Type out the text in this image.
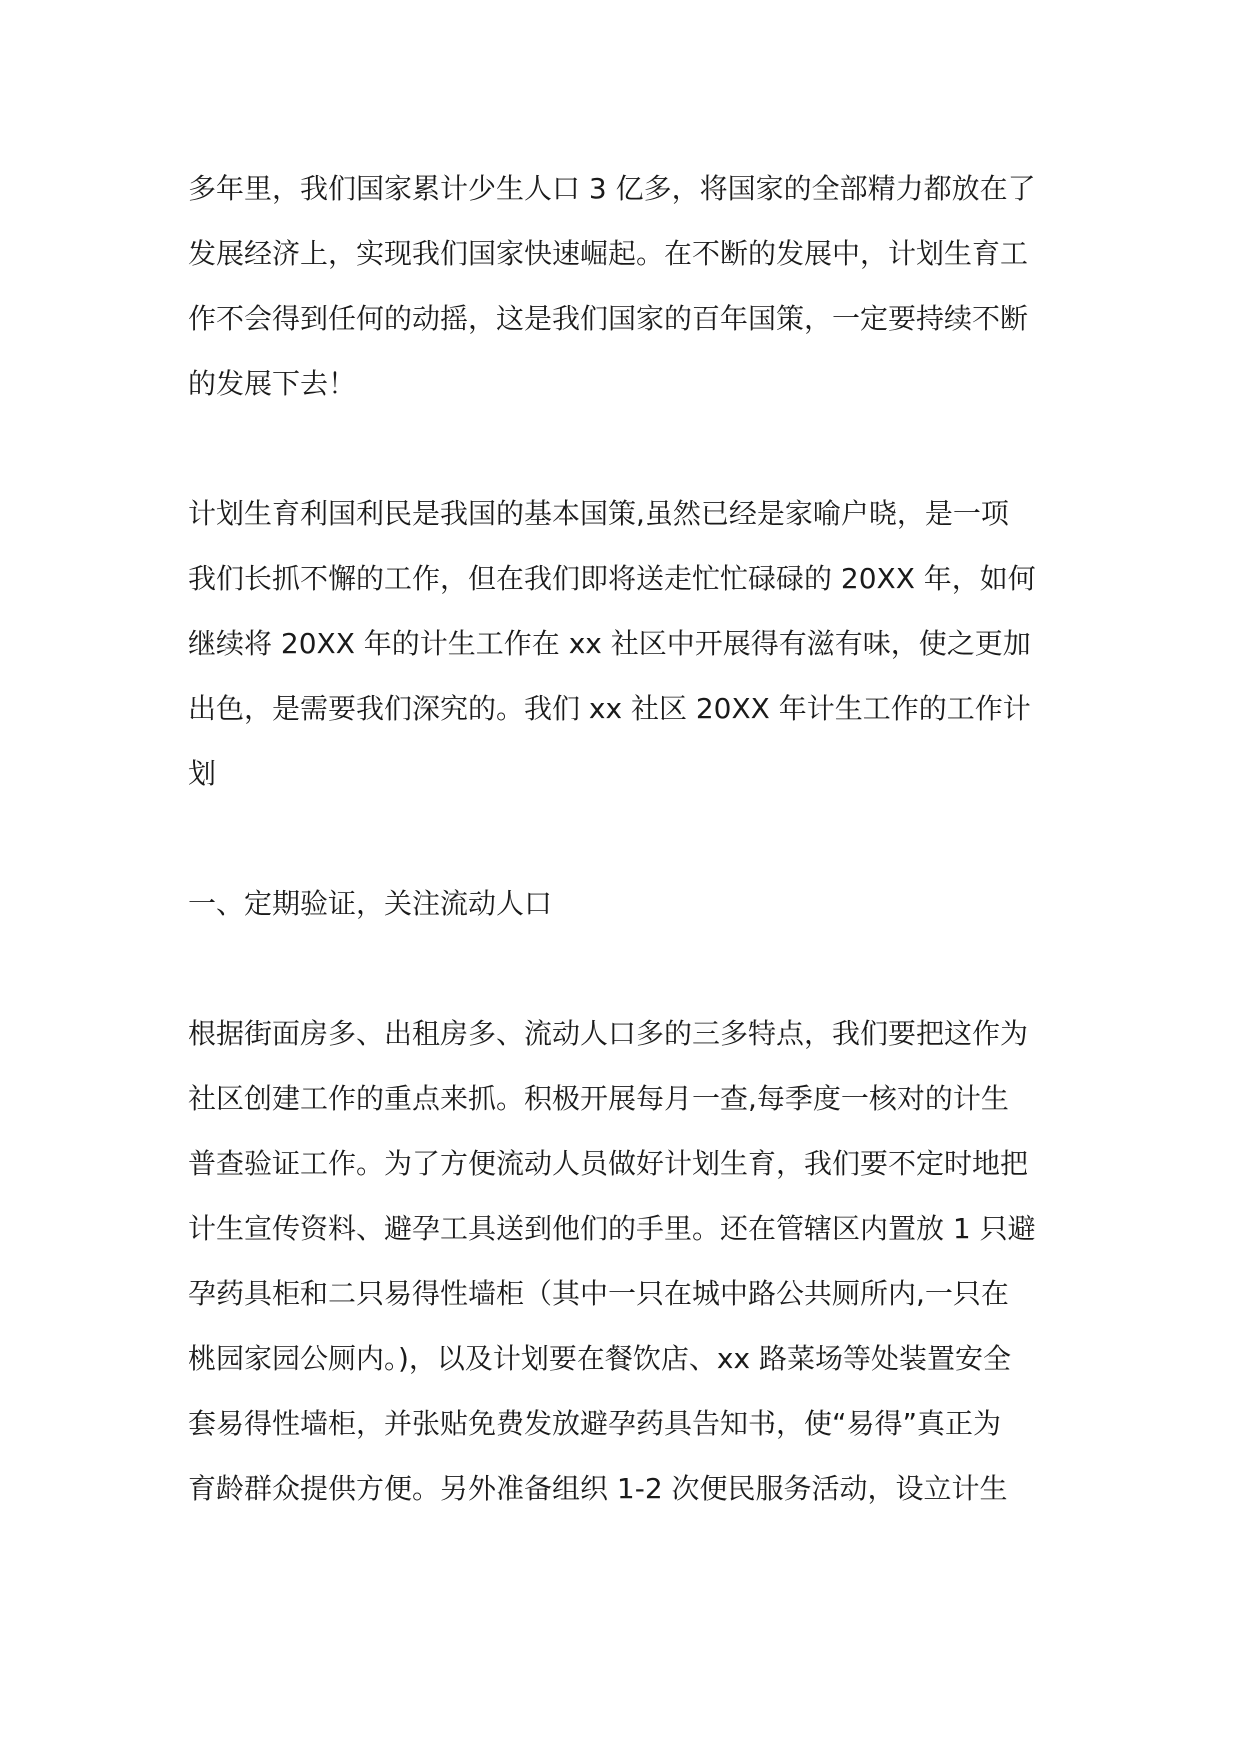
多年里，我们国家累计少生人口 3 亿多，将国家的全部精力都放在了
发展经济上，实现我们国家快速崛起。在不断的发展中，计划生育工
作不会得到任何的动摇，这是我们国家的百年国策，一定要持续不断
的发展下去！
计划生育利国利民是我国的基本国策,虽然已经是家喻户晓，是一项
我们长抓不懈的工作，但在我们即将送走忙忙碌碌的 20XX 年，如何
继续将 20XX 年的计生工作在 xx 社区中开展得有滋有味，使之更加
出色，是需要我们深究的。我们 xx 社区 20XX 年计生工作的工作计
划
一、定期验证，关注流动人口
根据街面房多、出租房多、流动人口多的三多特点，我们要把这作为
社区创建工作的重点来抓。积极开展每月一查,每季度一核对的计生
普查验证工作。为了方便流动人员做好计划生育，我们要不定时地把
计生宣传资料、避孕工具送到他们的手里。还在管辖区内置放 1 只避
孕药具柜和二只易得性墙柜（其中一只在城中路公共厕所内,一只在
桃园家园公厕内。)，以及计划要在餐饮店、xx 路菜场等处装置安全
套易得性墙柜，并张贴免费发放避孕药具告知书，使“易得”真正为
育龄群众提供方便。另外准备组织 1-2 次便民服务活动，设立计生
